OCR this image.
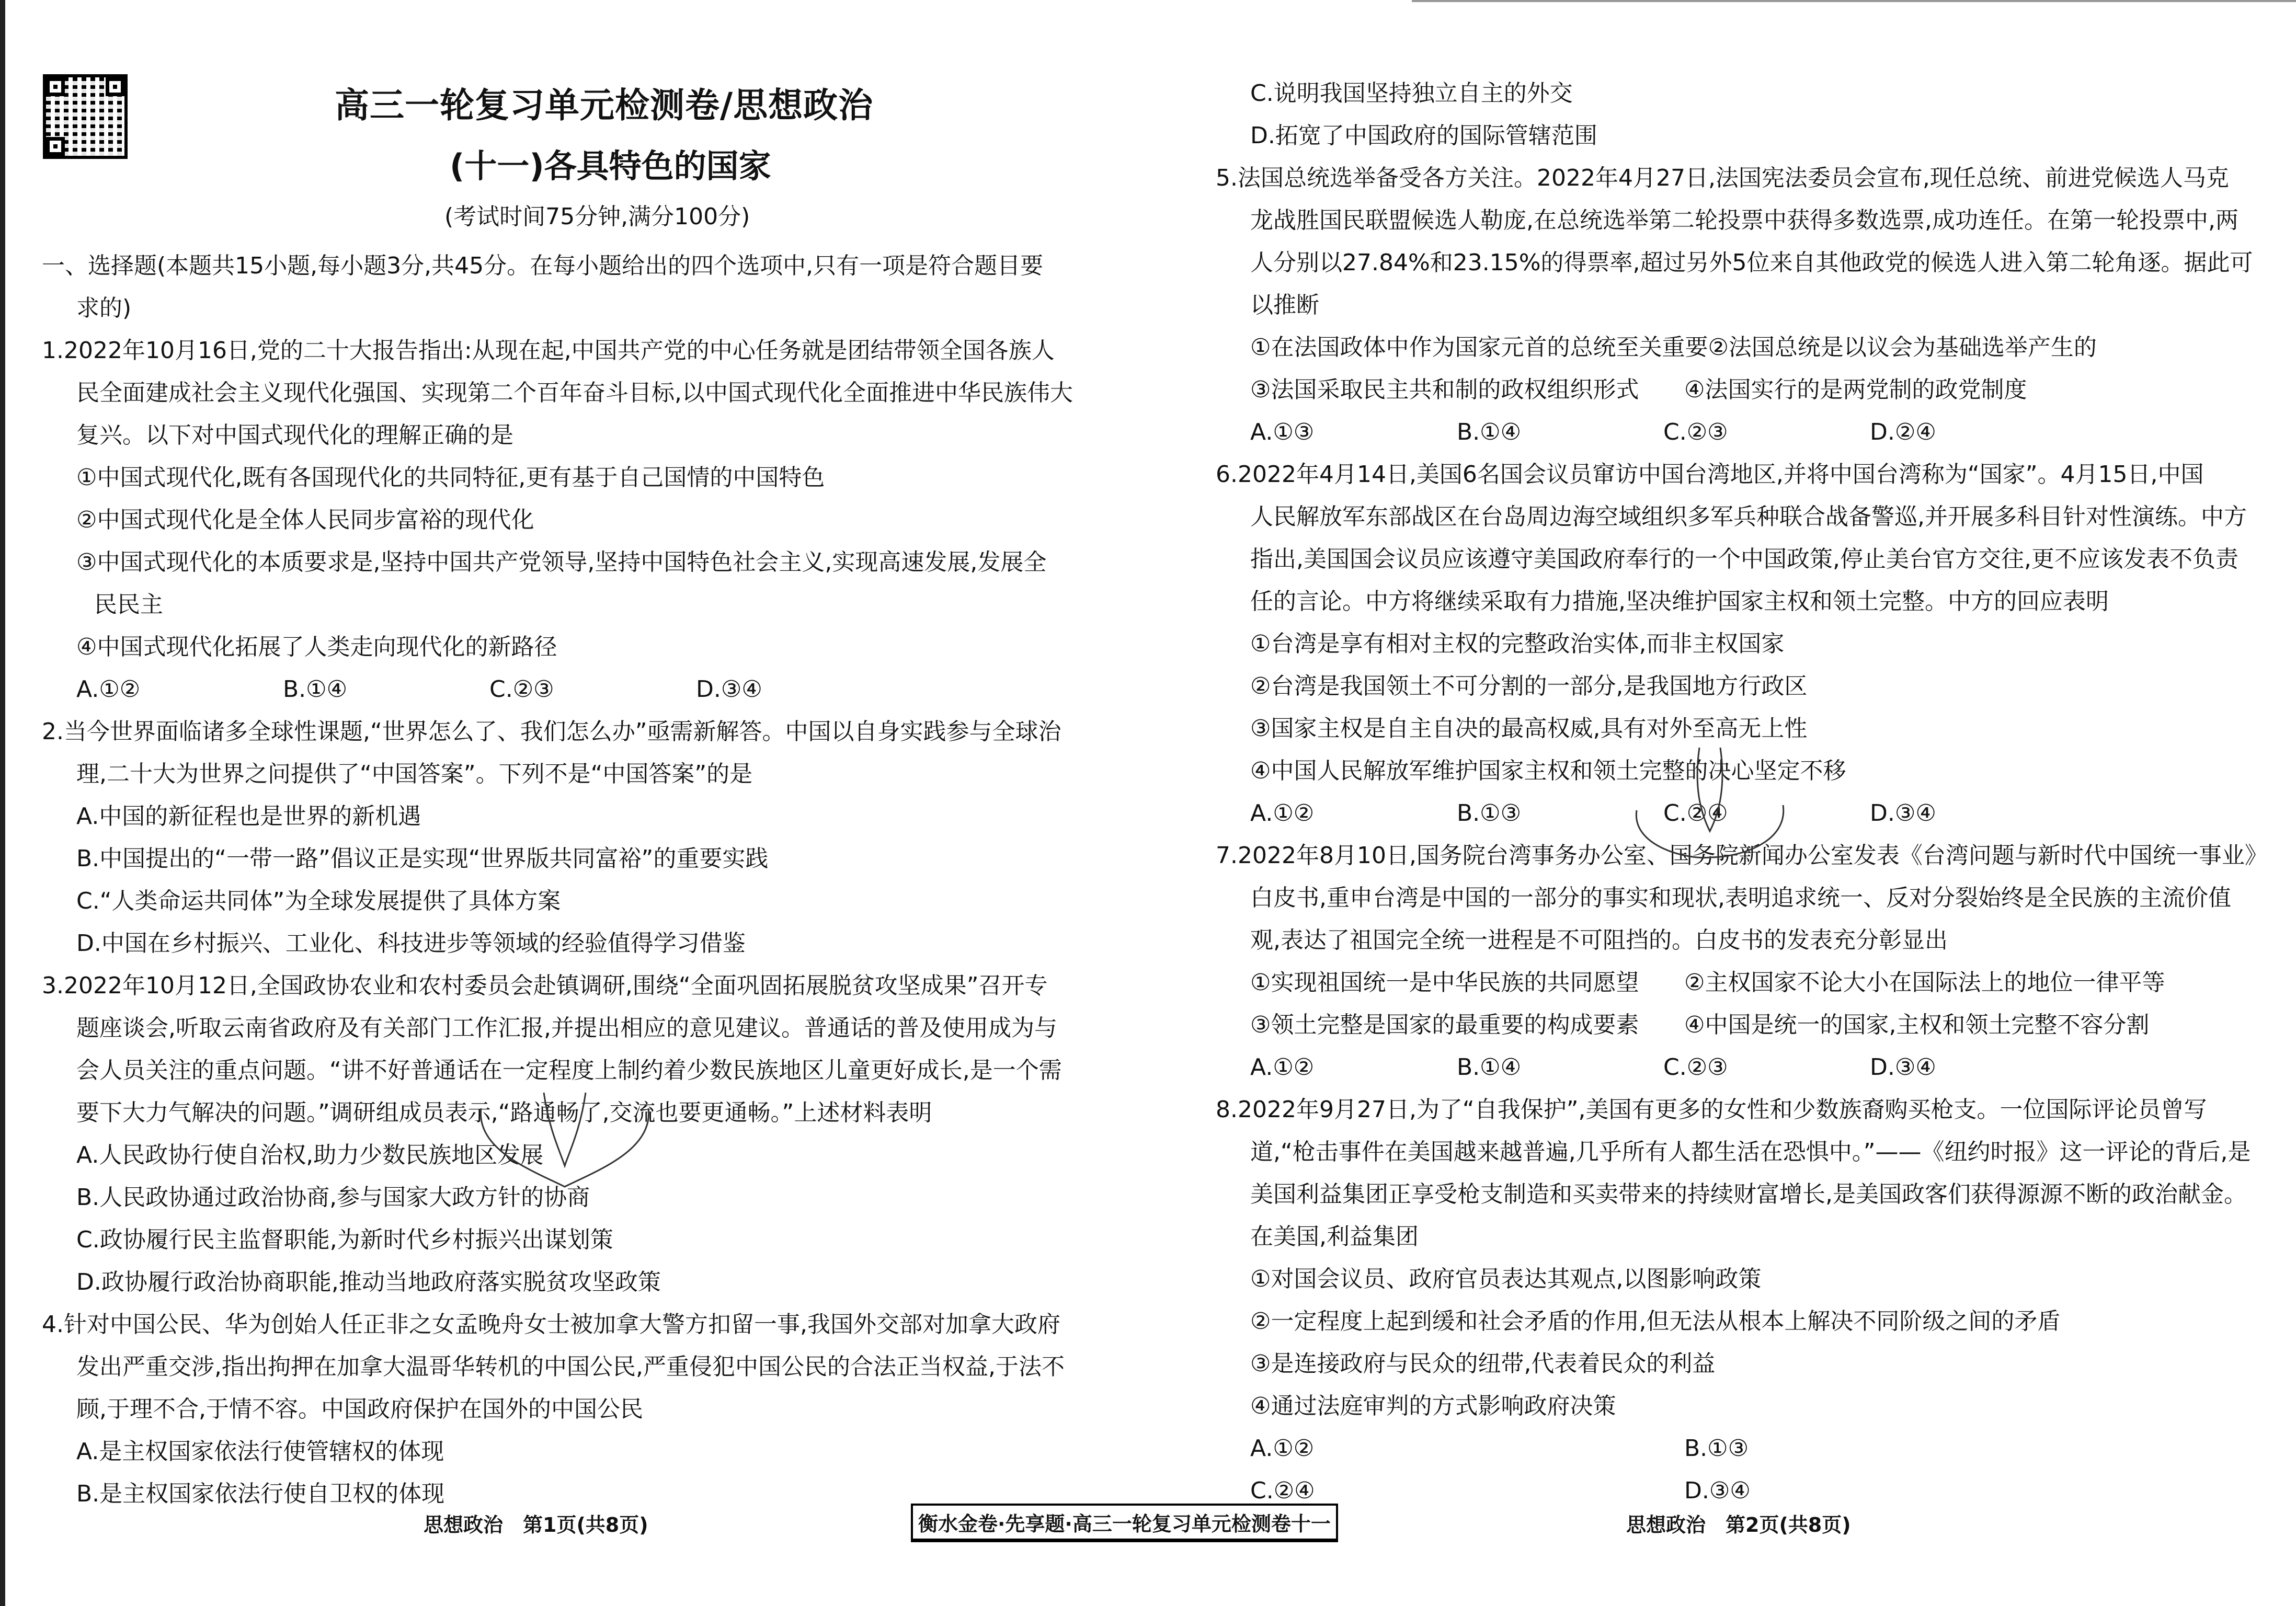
高三一轮复习单元检测卷/思想政治
(十一)各具特色的国家
(考试时间75分钟,满分100分)
一、选择题(本题共15小题,每小题3分,共45分。在每小题给出的四个选项中,只有一项是符合题目要
求的)
1.2022年10月16日,党的二十大报告指出:从现在起,中国共产党的中心任务就是团结带领全国各族人
民全面建成社会主义现代化强国、实现第二个百年奋斗目标,以中国式现代化全面推进中华民族伟大
复兴。以下对中国式现代化的理解正确的是
①中国式现代化,既有各国现代化的共同特征,更有基于自己国情的中国特色
②中国式现代化是全体人民同步富裕的现代化
③中国式现代化的本质要求是,坚持中国共产党领导,坚持中国特色社会主义,实现高速发展,发展全
民民主
④中国式现代化拓展了人类走向现代化的新路径
A.①②	B.①④	C.②③	D.③④
2.当今世界面临诸多全球性课题,“世界怎么了、我们怎么办”亟需新解答。中国以自身实践参与全球治
理,二十大为世界之问提供了“中国答案”。下列不是“中国答案”的是
A.中国的新征程也是世界的新机遇
B.中国提出的“一带一路”倡议正是实现“世界版共同富裕”的重要实践
C.“人类命运共同体”为全球发展提供了具体方案
D.中国在乡村振兴、工业化、科技进步等领域的经验值得学习借鉴
3.2022年10月12日,全国政协农业和农村委员会赴镇调研,围绕“全面巩固拓展脱贫攻坚成果”召开专
题座谈会,听取云南省政府及有关部门工作汇报,并提出相应的意见建议。普通话的普及使用成为与
会人员关注的重点问题。“讲不好普通话在一定程度上制约着少数民族地区儿童更好成长,是一个需
要下大力气解决的问题。”调研组成员表示,“路通畅了,交流也要更通畅。”上述材料表明
A.人民政协行使自治权,助力少数民族地区发展
B.人民政协通过政治协商,参与国家大政方针的协商
C.政协履行民主监督职能,为新时代乡村振兴出谋划策
D.政协履行政治协商职能,推动当地政府落实脱贫攻坚政策
4.针对中国公民、华为创始人任正非之女孟晚舟女士被加拿大警方扣留一事,我国外交部对加拿大政府
发出严重交涉,指出拘押在加拿大温哥华转机的中国公民,严重侵犯中国公民的合法正当权益,于法不
顾,于理不合,于情不容。中国政府保护在国外的中国公民
A.是主权国家依法行使管辖权的体现
B.是主权国家依法行使自卫权的体现
C.说明我国坚持独立自主的外交
D.拓宽了中国政府的国际管辖范围
5.法国总统选举备受各方关注。2022年4月27日,法国宪法委员会宣布,现任总统、前进党候选人马克
龙战胜国民联盟候选人勒庞,在总统选举第二轮投票中获得多数选票,成功连任。在第一轮投票中,两
人分别以27.84%和23.15%的得票率,超过另外5位来自其他政党的候选人进入第二轮角逐。据此可
以推断
①在法国政体中作为国家元首的总统至关重要②法国总统是以议会为基础选举产生的
③法国采取民主共和制的政权组织形式	④法国实行的是两党制的政党制度
A.①③	B.①④	C.②③	D.②④
6.2022年4月14日,美国6名国会议员窜访中国台湾地区,并将中国台湾称为“国家”。4月15日,中国
人民解放军东部战区在台岛周边海空域组织多军兵种联合战备警巡,并开展多科目针对性演练。中方
指出,美国国会议员应该遵守美国政府奉行的一个中国政策,停止美台官方交往,更不应该发表不负责
任的言论。中方将继续采取有力措施,坚决维护国家主权和领土完整。中方的回应表明
①台湾是享有相对主权的完整政治实体,而非主权国家
②台湾是我国领土不可分割的一部分,是我国地方行政区
③国家主权是自主自决的最高权威,具有对外至高无上性
④中国人民解放军维护国家主权和领土完整的决心坚定不移
A.①②	B.①③	C.②④	D.③④
7.2022年8月10日,国务院台湾事务办公室、国务院新闻办公室发表《台湾问题与新时代中国统一事业》
白皮书,重申台湾是中国的一部分的事实和现状,表明追求统一、反对分裂始终是全民族的主流价值
观,表达了祖国完全统一进程是不可阻挡的。白皮书的发表充分彰显出
①实现祖国统一是中华民族的共同愿望	②主权国家不论大小在国际法上的地位一律平等
③领土完整是国家的最重要的构成要素	④中国是统一的国家,主权和领土完整不容分割
A.①②	B.①④	C.②③	D.③④
8.2022年9月27日,为了“自我保护”,美国有更多的女性和少数族裔购买枪支。一位国际评论员曾写
道,“枪击事件在美国越来越普遍,几乎所有人都生活在恐惧中。”——《纽约时报》这一评论的背后,是
美国利益集团正享受枪支制造和买卖带来的持续财富增长,是美国政客们获得源源不断的政治献金。
在美国,利益集团
①对国会议员、政府官员表达其观点,以图影响政策
②一定程度上起到缓和社会矛盾的作用,但无法从根本上解决不同阶级之间的矛盾
③是连接政府与民众的纽带,代表着民众的利益
④通过法庭审判的方式影响政府决策
A.①②	B.①③
C.②④	D.③④
思想政治　第1页(共8页)	衡水金卷·先享题·高三一轮复习单元检测卷十一	思想政治　第2页(共8页)
